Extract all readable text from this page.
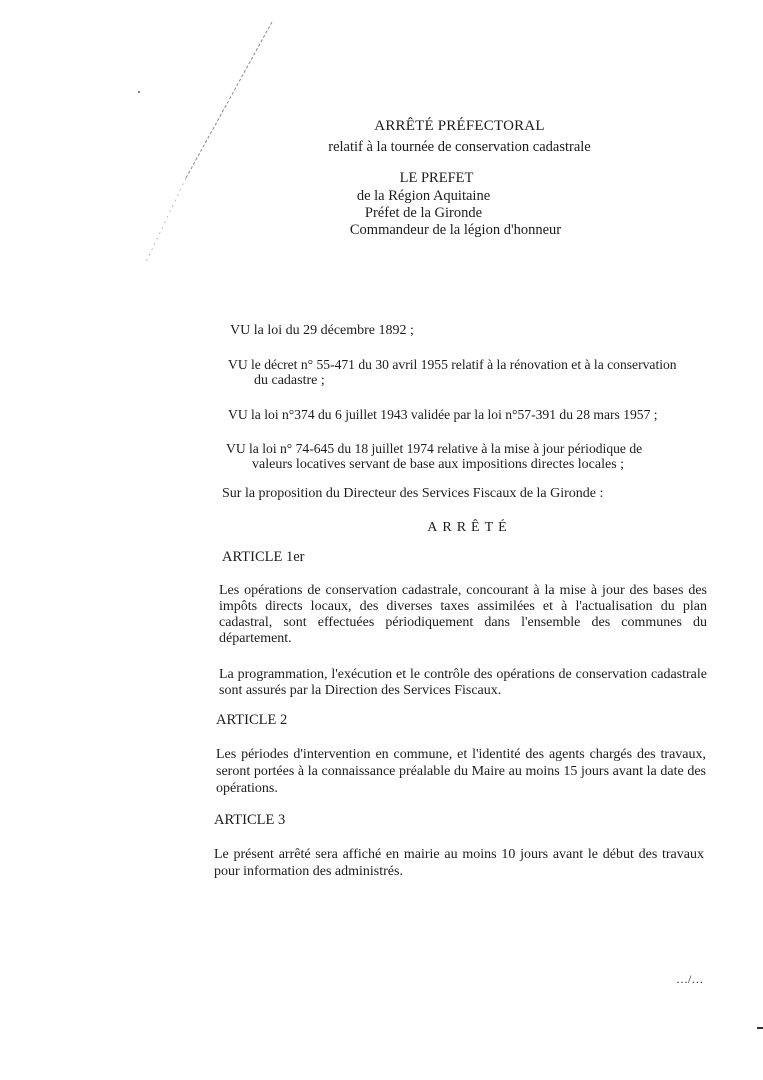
ARRÊTÉ PRÉFECTORAL
relatif à la tournée de conservation cadastrale
LE PREFET
de la Région Aquitaine
Préfet de la Gironde
Commandeur de la légion d'honneur
VU la loi du 29 décembre 1892 ;
VU le décret n° 55-471 du 30 avril 1955 relatif à la rénovation et à la conservation
du cadastre ;
VU la loi n°374 du 6 juillet 1943 validée par la loi n°57-391 du 28 mars 1957 ;
VU la loi n° 74-645 du 18 juillet 1974 relative à la mise à jour périodique de
valeurs locatives servant de base aux impositions directes locales ;
Sur la proposition du Directeur des Services Fiscaux de la Gironde :
ARRÊTÉ
ARTICLE 1er
Les opérations de conservation cadastrale, concourant à la mise à jour des bases des impôts directs locaux, des diverses taxes assimilées et à l'actualisation du plan cadastral, sont effectuées périodiquement dans l'ensemble des communes du département.
La programmation, l'exécution et le contrôle des opérations de conservation cadastrale sont assurés par la Direction des Services Fiscaux.
ARTICLE 2
Les périodes d'intervention en commune, et l'identité des agents chargés des travaux, seront portées à la connaissance préalable du Maire au moins 15 jours avant la date des opérations.
ARTICLE 3
Le présent arrêté sera affiché en mairie au moins 10 jours avant le début des travaux pour information des administrés.
…/…
